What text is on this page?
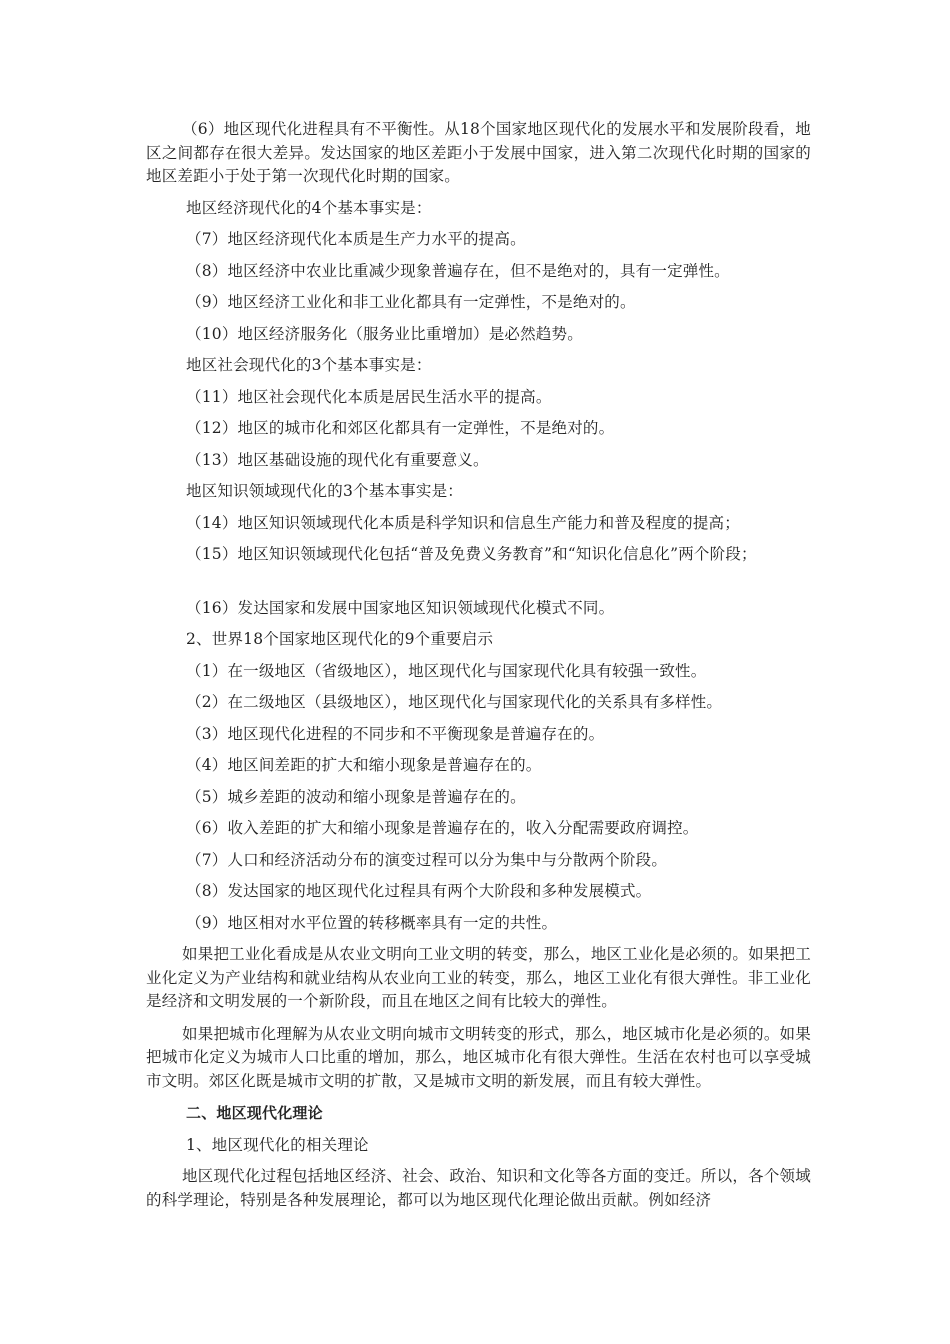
（6）地区现代化进程具有不平衡性。从18个国家地区现代化的发展水平和发展阶段看，地区之间都存在很大差异。发达国家的地区差距小于发展中国家，进入第二次现代化时期的国家的地区差距小于处于第一次现代化时期的国家。

地区经济现代化的4个基本事实是：

（7）地区经济现代化本质是生产力水平的提高。

（8）地区经济中农业比重减少现象普遍存在，但不是绝对的，具有一定弹性。

（9）地区经济工业化和非工业化都具有一定弹性，不是绝对的。

（10）地区经济服务化（服务业比重增加）是必然趋势。

地区社会现代化的3个基本事实是：

（11）地区社会现代化本质是居民生活水平的提高。

（12）地区的城市化和郊区化都具有一定弹性，不是绝对的。

（13）地区基础设施的现代化有重要意义。

地区知识领域现代化的3个基本事实是：

（14）地区知识领域现代化本质是科学知识和信息生产能力和普及程度的提高；

（15）地区知识领域现代化包括“普及免费义务教育”和“知识化信息化”两个阶段；

（16）发达国家和发展中国家地区知识领域现代化模式不同。

2、世界18个国家地区现代化的9个重要启示

（1）在一级地区（省级地区），地区现代化与国家现代化具有较强一致性。

（2）在二级地区（县级地区），地区现代化与国家现代化的关系具有多样性。

（3）地区现代化进程的不同步和不平衡现象是普遍存在的。

（4）地区间差距的扩大和缩小现象是普遍存在的。

（5）城乡差距的波动和缩小现象是普遍存在的。

（6）收入差距的扩大和缩小现象是普遍存在的，收入分配需要政府调控。

（7）人口和经济活动分布的演变过程可以分为集中与分散两个阶段。

（8）发达国家的地区现代化过程具有两个大阶段和多种发展模式。

（9）地区相对水平位置的转移概率具有一定的共性。

如果把工业化看成是从农业文明向工业文明的转变，那么，地区工业化是必须的。如果把工业化定义为产业结构和就业结构从农业向工业的转变，那么，地区工业化有很大弹性。非工业化是经济和文明发展的一个新阶段，而且在地区之间有比较大的弹性。

如果把城市化理解为从农业文明向城市文明转变的形式，那么，地区城市化是必须的。如果把城市化定义为城市人口比重的增加，那么，地区城市化有很大弹性。生活在农村也可以享受城市文明。郊区化既是城市文明的扩散，又是城市文明的新发展，而且有较大弹性。

二、地区现代化理论

1、地区现代化的相关理论

地区现代化过程包括地区经济、社会、政治、知识和文化等各方面的变迁。所以，各个领域的科学理论，特别是各种发展理论，都可以为地区现代化理论做出贡献。例如经济
